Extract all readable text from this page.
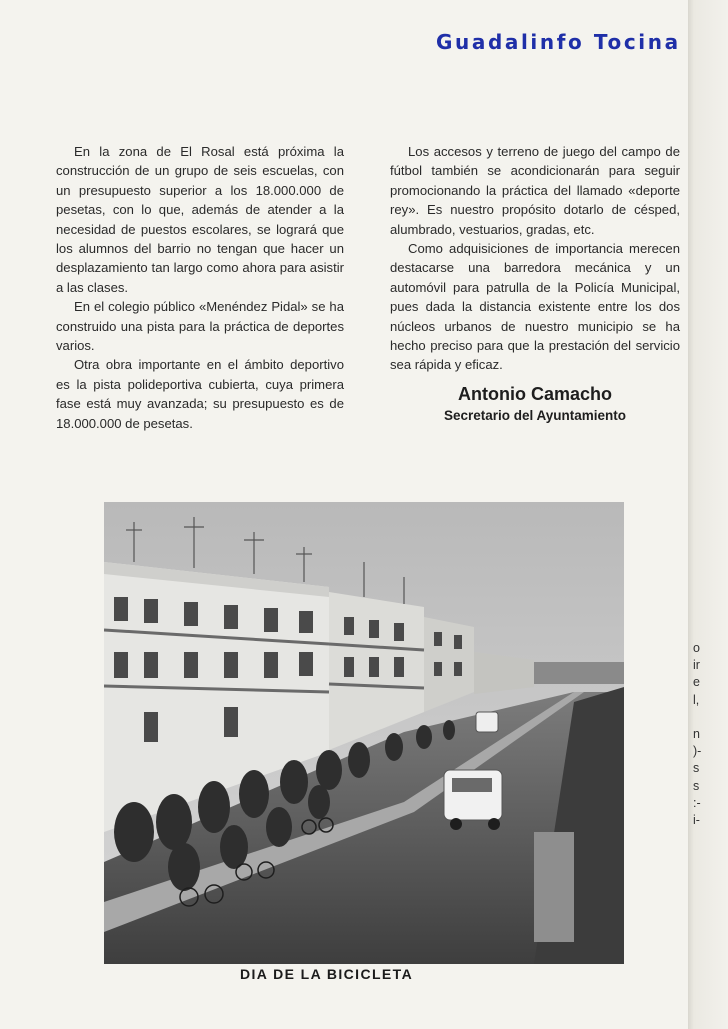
Guadalinfo Tocina

En la zona de El Rosal está próxima la construcción de un grupo de seis escuelas, con un presupuesto superior a los 18.000.000 de pesetas, con lo que, además de atender a la necesidad de puestos escolares, se logrará que los alumnos del barrio no tengan que hacer un desplazamiento tan largo como ahora para asistir a las clases.

En el colegio público «Menéndez Pidal» se ha construido una pista para la práctica de deportes varios.

Otra obra importante en el ámbito deportivo es la pista polideportiva cubierta, cuya primera fase está muy avanzada; su presupuesto es de 18.000.000 de pesetas.

Los accesos y terreno de juego del campo de fútbol también se acondicionarán para seguir promocionando la práctica del llamado «deporte rey». Es nuestro propósito dotarlo de césped, alumbrado, vestuarios, gradas, etc.

Como adquisiciones de importancia merecen destacarse una barredora mecánica y un automóvil para patrulla de la Policía Municipal, pues dada la distancia existente entre los dos núcleos urbanos de nuestro municipio se ha hecho preciso para que la prestación del servicio sea rápida y eficaz.

Antonio Camacho
Secretario del Ayuntamiento
DIA DE LA BICICLETA
o
ir
e
l,

n
)-
s
s
:-
i-
